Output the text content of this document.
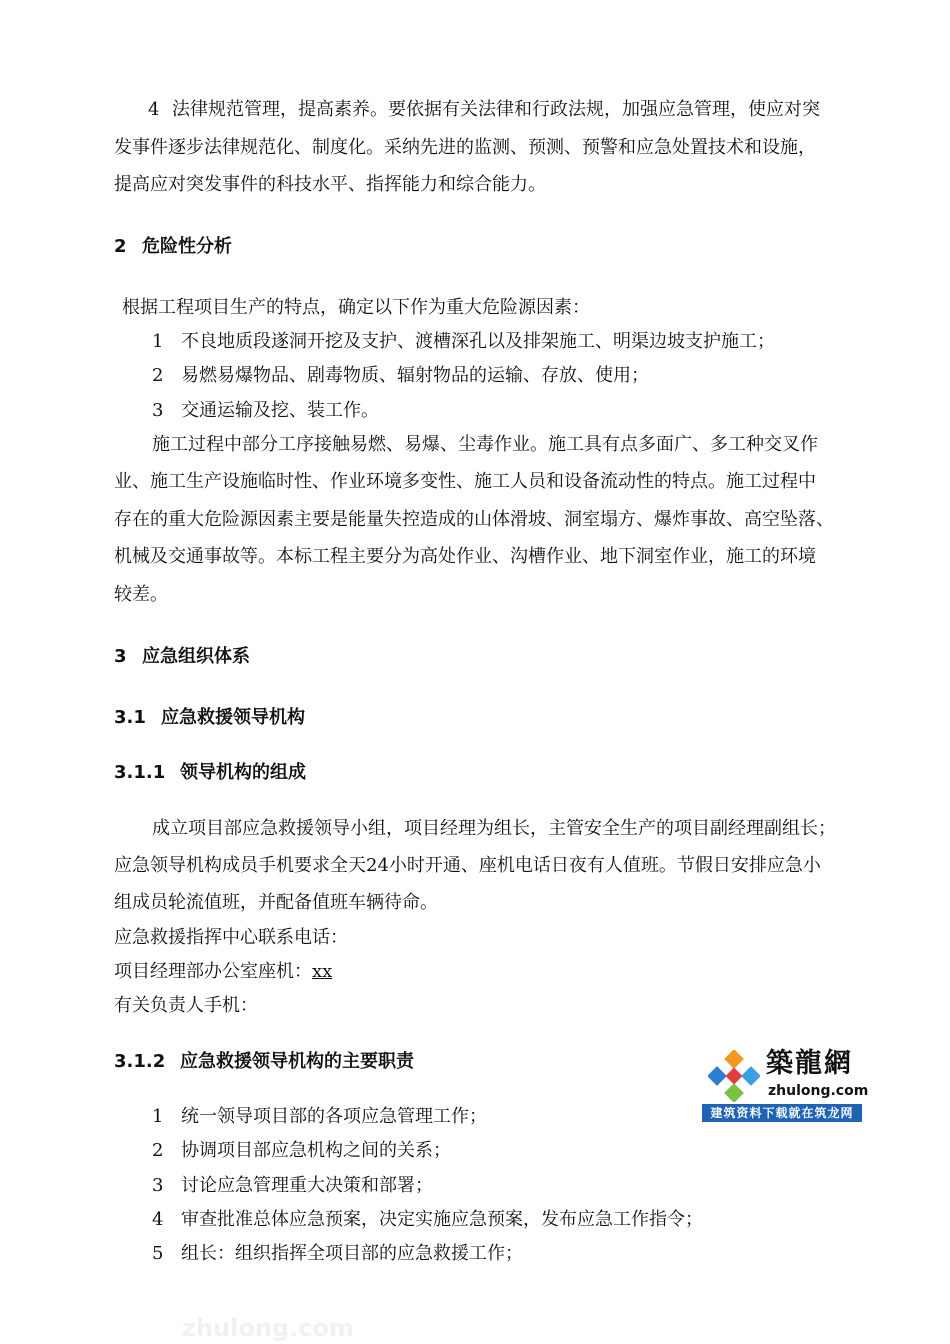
4 法律规范管理，提高素养。要依据有关法律和行政法规，加强应急管理，使应对突
发事件逐步法律规范化、制度化。采纳先进的监测、预测、预警和应急处置技术和设施，
提高应对突发事件的科技水平、指挥能力和综合能力。
2 危险性分析
根据工程项目生产的特点，确定以下作为重大危险源因素：
1 不良地质段遂洞开挖及支护、渡槽深孔以及排架施工、明渠边坡支护施工；
2 易燃易爆物品、剧毒物质、辐射物品的运输、存放、使用；
3 交通运输及挖、装工作。
施工过程中部分工序接触易燃、易爆、尘毒作业。施工具有点多面广、多工种交叉作
业、施工生产设施临时性、作业环境多变性、施工人员和设备流动性的特点。施工过程中
存在的重大危险源因素主要是能量失控造成的山体滑坡、洞室塌方、爆炸事故、高空坠落、
机械及交通事故等。本标工程主要分为高处作业、沟槽作业、地下洞室作业，施工的环境
较差。
3 应急组织体系
3.1 应急救援领导机构
3.1.1 领导机构的组成
成立项目部应急救援领导小组，项目经理为组长，主管安全生产的项目副经理副组长；
应急领导机构成员手机要求全天24小时开通、座机电话日夜有人值班。节假日安排应急小
组成员轮流值班，并配备值班车辆待命。
应急救援指挥中心联系电话：
项目经理部办公室座机：xx
有关负责人手机：
3.1.2 应急救援领导机构的主要职责
1 统一领导项目部的各项应急管理工作；
2 协调项目部应急机构之间的关系；
3 讨论应急管理重大决策和部署；
4 审查批准总体应急预案，决定实施应急预案，发布应急工作指令；
5 组长：组织指挥全项目部的应急救援工作；
築龍網
zhulong.com
建筑资料下载就在筑龙网
zhulong.com
